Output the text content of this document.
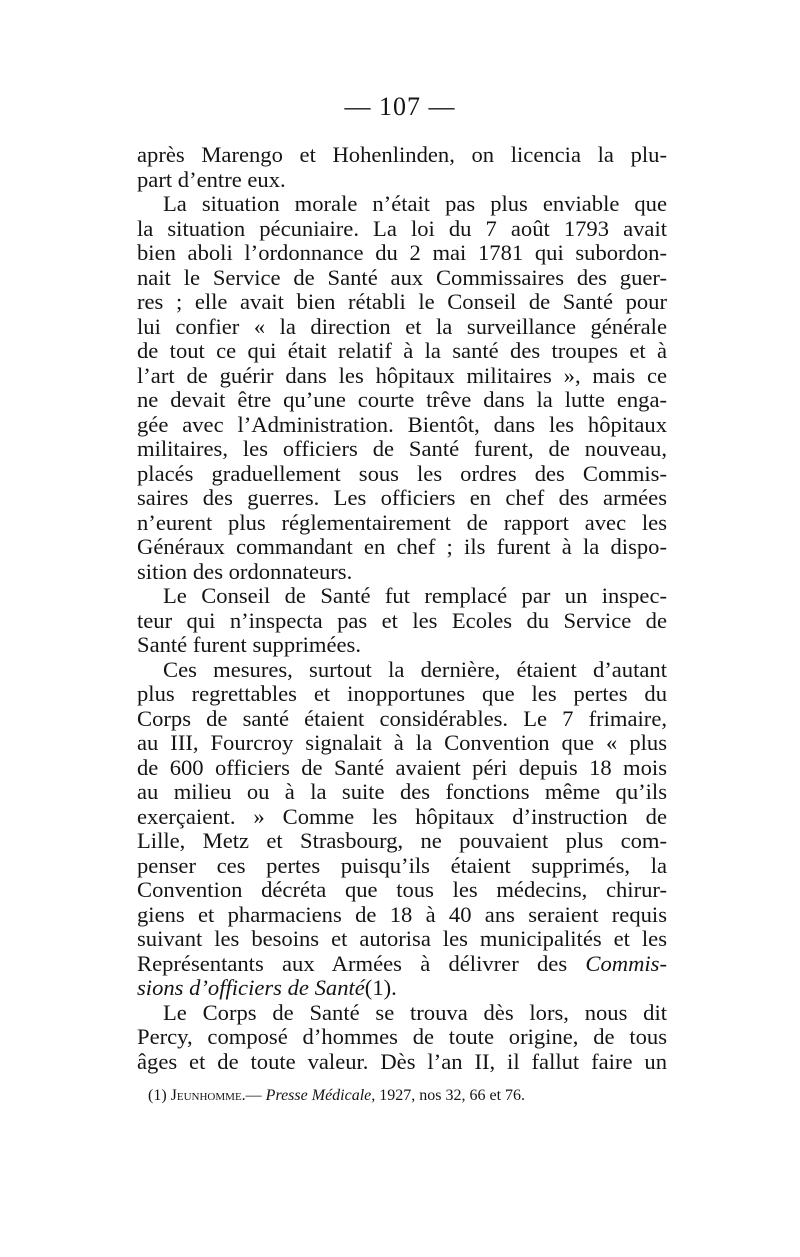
— 107 —
après Marengo et Hohenlinden, on licencia la plu-
part d’entre eux.
La situation morale n’était pas plus enviable que
la situation pécuniaire. La loi du 7 août 1793 avait
bien aboli l’ordonnance du 2 mai 1781 qui subordon-
nait le Service de Santé aux Commissaires des guer-
res ; elle avait bien rétabli le Conseil de Santé pour
lui confier « la direction et la surveillance générale
de tout ce qui était relatif à la santé des troupes et à
l’art de guérir dans les hôpitaux militaires », mais ce
ne devait être qu’une courte trêve dans la lutte enga-
gée avec l’Administration. Bientôt, dans les hôpitaux
militaires, les officiers de Santé furent, de nouveau,
placés graduellement sous les ordres des Commis-
saires des guerres. Les officiers en chef des armées
n’eurent plus réglementairement de rapport avec les
Généraux commandant en chef ; ils furent à la dispo-
sition des ordonnateurs.
Le Conseil de Santé fut remplacé par un inspec-
teur qui n’inspecta pas et les Ecoles du Service de
Santé furent supprimées.
Ces mesures, surtout la dernière, étaient d’autant
plus regrettables et inopportunes que les pertes du
Corps de santé étaient considérables. Le 7 frimaire,
au III, Fourcroy signalait à la Convention que « plus
de 600 officiers de Santé avaient péri depuis 18 mois
au milieu ou à la suite des fonctions même qu’ils
exerçaient. » Comme les hôpitaux d’instruction de
Lille, Metz et Strasbourg, ne pouvaient plus com-
penser ces pertes puisqu’ils étaient supprimés, la
Convention décréta que tous les médecins, chirur-
giens et pharmaciens de 18 à 40 ans seraient requis
suivant les besoins et autorisa les municipalités et les
Représentants aux Armées à délivrer des Commis-
sions d’officiers de Santé(1).
Le Corps de Santé se trouva dès lors, nous dit
Percy, composé d’hommes de toute origine, de tous
âges et de toute valeur. Dès l’an II, il fallut faire un
(1) Jeunhomme.— Presse Médicale, 1927, nos 32, 66 et 76.
